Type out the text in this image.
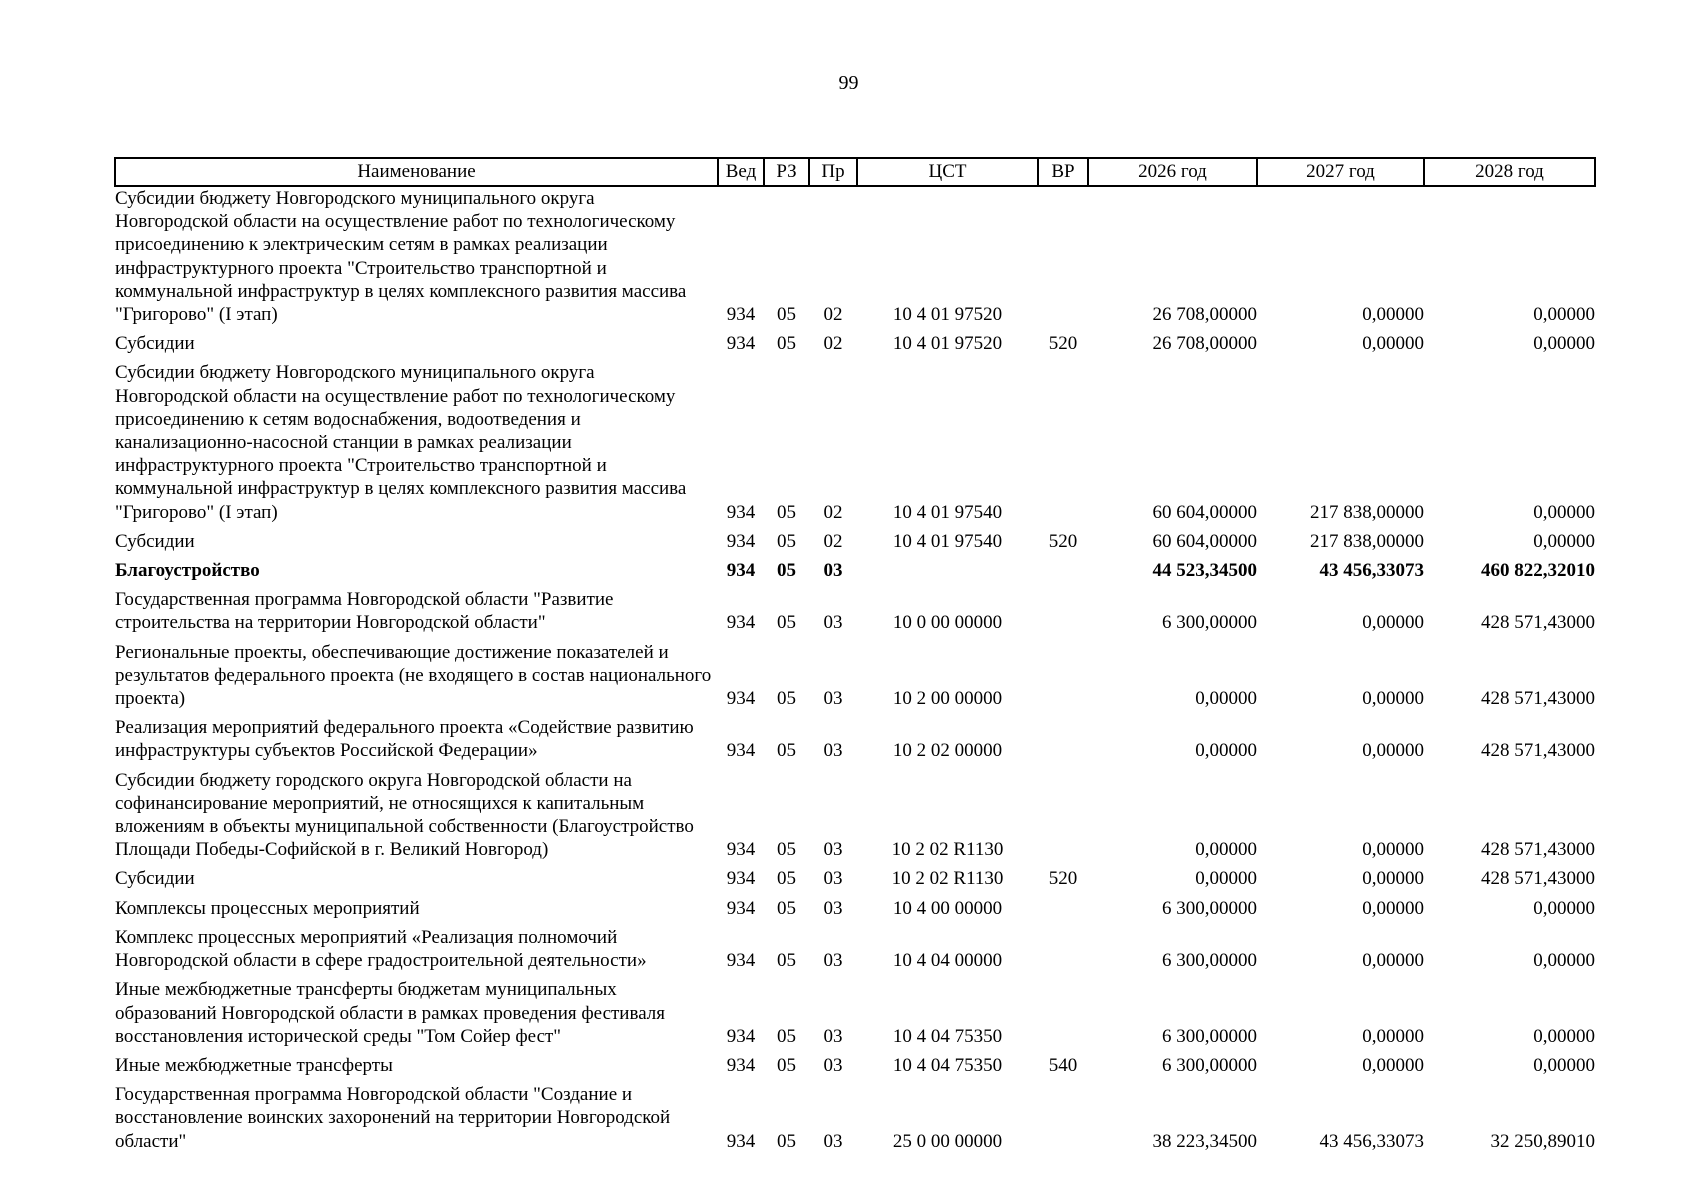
99
Наименование	Вед	РЗ	Пр	ЦСТ	ВР	2026 год	2027 год	2028 год
Субсидии бюджету Новгородского муниципального округа Новгородской области на осуществление работ по технологическому присоединению к электрическим сетям в рамках реализации инфраструктурного проекта "Строительство транспортной и коммунальной инфраструктур в целях комплексного развития массива "Григорово" (I этап)	934	05	02	10 4 01 97520		26 708,00000	0,00000	0,00000
Субсидии	934	05	02	10 4 01 97520	520	26 708,00000	0,00000	0,00000
Субсидии бюджету Новгородского муниципального округа Новгородской области на осуществление работ по технологическому присоединению к сетям водоснабжения, водоотведения и канализационно-насосной станции в рамках реализации инфраструктурного проекта "Строительство транспортной и коммунальной инфраструктур в целях комплексного развития массива "Григорово" (I этап)	934	05	02	10 4 01 97540		60 604,00000	217 838,00000	0,00000
Субсидии	934	05	02	10 4 01 97540	520	60 604,00000	217 838,00000	0,00000
Благоустройство	934	05	03			44 523,34500	43 456,33073	460 822,32010
Государственная программа Новгородской области "Развитие строительства на территории Новгородской области"	934	05	03	10 0 00 00000		6 300,00000	0,00000	428 571,43000
Региональные проекты, обеспечивающие достижение показателей и результатов федерального проекта (не входящего в состав национального проекта)	934	05	03	10 2 00 00000		0,00000	0,00000	428 571,43000
Реализация мероприятий федерального проекта «Содействие развитию инфраструктуры субъектов Российской Федерации»	934	05	03	10 2 02 00000		0,00000	0,00000	428 571,43000
Субсидии бюджету городского округа Новгородской области на софинансирование мероприятий, не относящихся к капитальным вложениям в объекты муниципальной собственности (Благоустройство Площади Победы-Софийской в г. Великий Новгород)	934	05	03	10 2 02 R1130		0,00000	0,00000	428 571,43000
Субсидии	934	05	03	10 2 02 R1130	520	0,00000	0,00000	428 571,43000
Комплексы процессных мероприятий	934	05	03	10 4 00 00000		6 300,00000	0,00000	0,00000
Комплекс процессных мероприятий «Реализация полномочий Новгородской области в сфере градостроительной деятельности»	934	05	03	10 4 04 00000		6 300,00000	0,00000	0,00000
Иные межбюджетные трансферты бюджетам муниципальных образований Новгородской области в рамках проведения фестиваля восстановления исторической среды "Том Сойер фест"	934	05	03	10 4 04 75350		6 300,00000	0,00000	0,00000
Иные межбюджетные трансферты	934	05	03	10 4 04 75350	540	6 300,00000	0,00000	0,00000
Государственная программа Новгородской области "Создание и восстановление воинских захоронений на территории Новгородской области"	934	05	03	25 0 00 00000		38 223,34500	43 456,33073	32 250,89010
